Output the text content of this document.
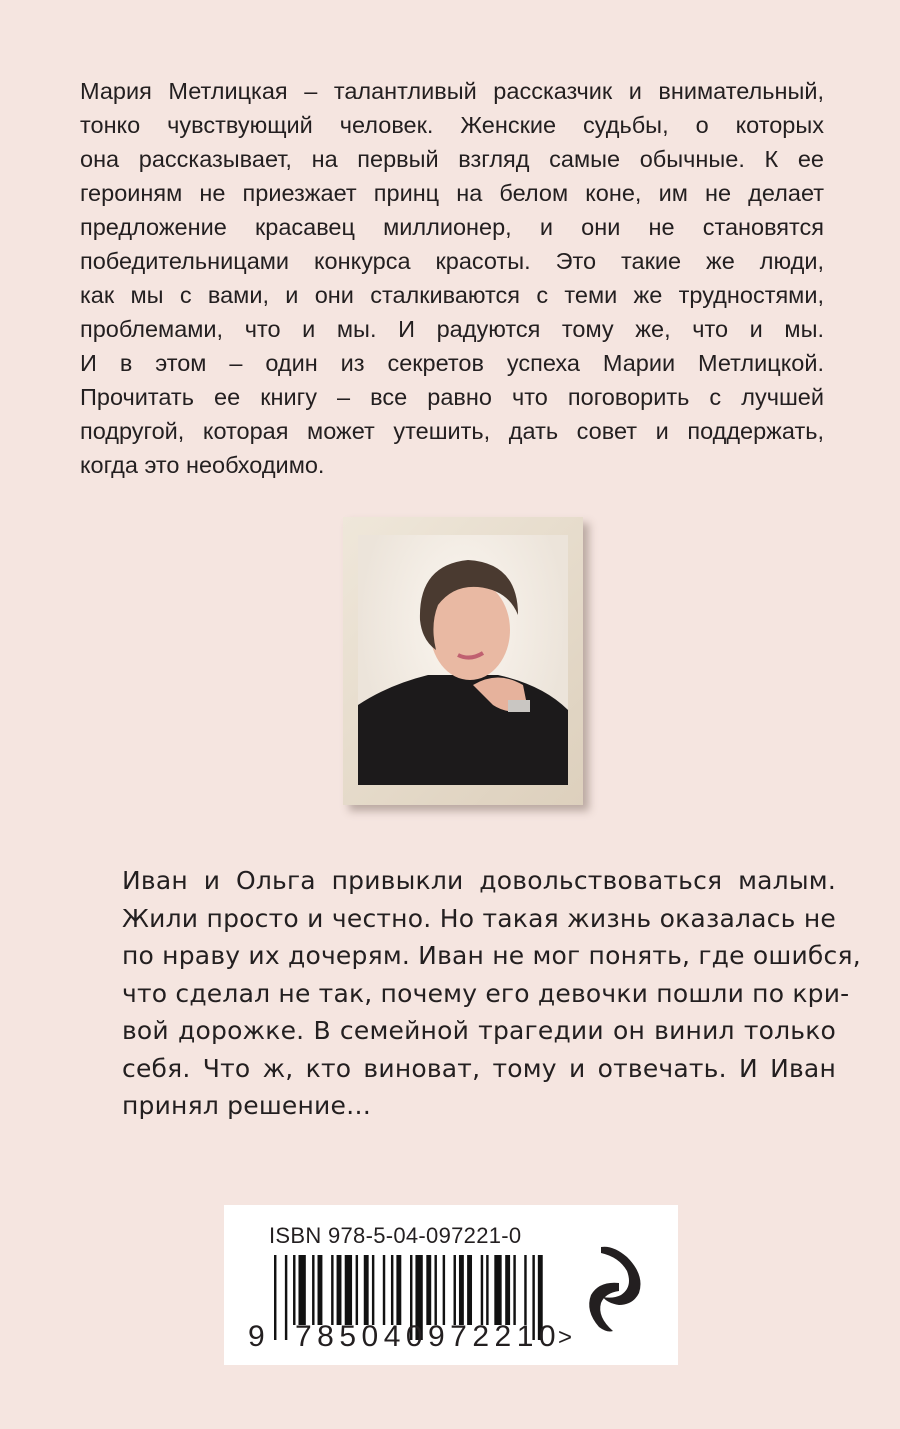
Мария Метлицкая – талантливый рассказчик и внимательный,
тонко чувствующий человек. Женские судьбы, о которых
она рассказывает, на первый взгляд самые обычные. К ее
героиням не приезжает принц на белом коне, им не делает
предложение красавец миллионер, и они не становятся
победительницами конкурса красоты. Это такие же люди,
как мы с вами, и они сталкиваются с теми же трудностями,
проблемами, что и мы. И радуются тому же, что и мы.
И в этом – один из секретов успеха Марии Метлицкой.
Прочитать ее книгу – все равно что поговорить с лучшей
подругой, которая может утешить, дать совет и поддержать,
когда это необходимо.
Иван и Ольга привыкли довольствоваться малым.
Жили просто и честно. Но такая жизнь оказалась не
по нраву их дочерям. Иван не мог понять, где ошибся,
что сделал не так, почему его девочки пошли по кри-
вой дорожке. В семейной трагедии он винил только
себя. Что ж, кто виноват, тому и отвечать. И Иван
принял решение…
ISBN 978-5-04-097221-0
9 785040 972210
>
